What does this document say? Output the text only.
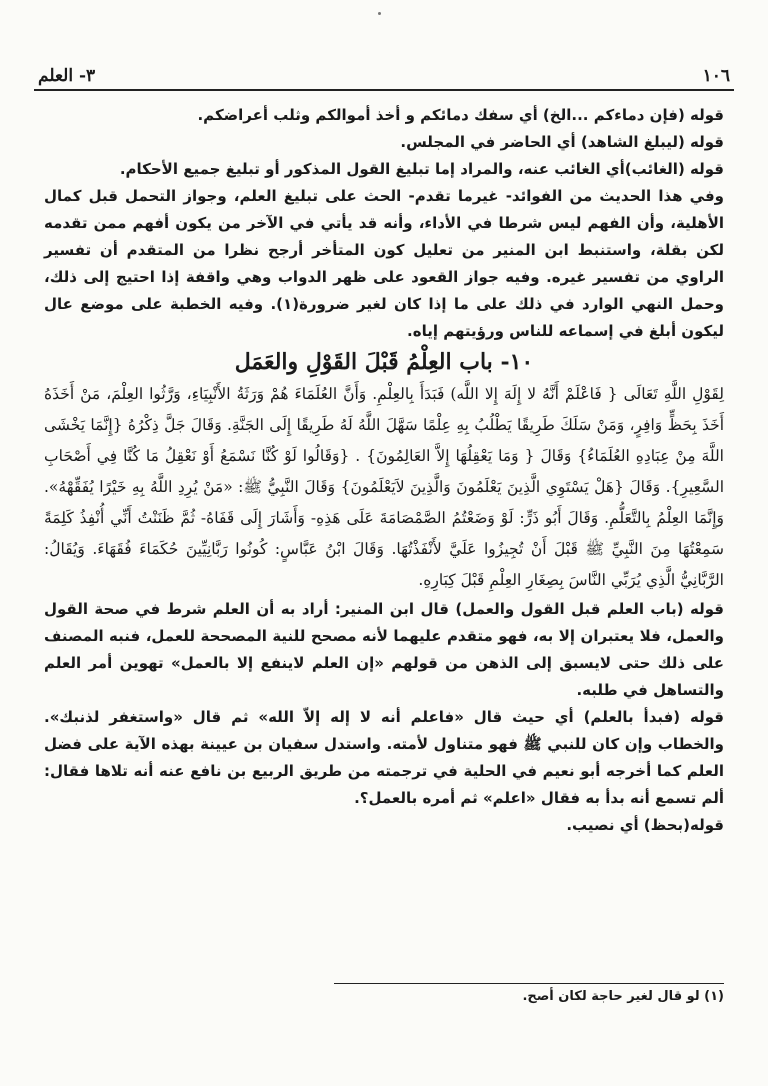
١٠٦
٣- العلم

قوله (فإن دماءكم ...الخ) أي سفك دمائكم و أخذ أموالكم وثلب أعراضكم.

قوله (ليبلغ الشاهد) أي الحاضر في المجلس.

قوله (الغائب)أي الغائب عنه، والمراد إما تبليغ القول المذكور أو تبليغ جميع الأحكام.

وفي هذا الحديث من الفوائد- غيرما تقدم- الحث على تبليغ العلم، وجواز التحمل قبل كمال الأهلية، وأن الفهم ليس شرطا في الأداء، وأنه قد يأتي في الآخر من يكون أفهم ممن تقدمه لكن بقلة، واستنبط ابن المنير من تعليل كون المتأخر أرجح نظرا من المتقدم أن تفسير الراوي من تفسير غيره. وفيه جواز القعود على ظهر الدواب وهي واقفة إذا احتيج إلى ذلك، وحمل النهي الوارد في ذلك على ما إذا كان لغير ضرورة(١). وفيه الخطبة على موضع عال ليكون أبلغ في إسماعه للناس ورؤيتهم إياه.

١٠- باب العِلْمُ قَبْلَ القَوْلِ والعَمَل

لِقَوْلِ اللَّهِ تَعَالَى { فَاعْلَمْ أَنَّهُ لا إِلَهَ إِلا اللَّه) فَبَدَأَ بِالعِلْمِ. وَأَنَّ العُلَمَاءَ هُمْ وَرَثَةُ الأَنْبِيَاءِ، وَرَّثُوا العِلْمَ، مَنْ أَخَذَهُ أَخَذَ بِحَظٍّ وَافِرٍ، وَمَنْ سَلَكَ طَرِيقًا يَطْلُبُ بِهِ عِلْمًا سَهَّلَ اللَّهُ لَهُ طَرِيقًا إِلَى الجَنَّةِ. وَقَالَ جَلَّ ذِكْرُهُ {إِنَّمَا يَخْشَى اللَّهَ مِنْ عِبَادِهِ العُلَمَاءُ} وَقَالَ { وَمَا يَعْقِلُهَا إِلاَّ العَالِمُونَ} . {وَقَالُوا لَوْ كُنَّا نَسْمَعُ أَوْ نَعْقِلُ مَا كُنَّا فِي أَصْحَابِ السَّعِيرِ}. وَقَالَ {هَلْ يَسْتَوِي الَّذِينَ يَعْلَمُونَ وَالَّذِينَ لاَيَعْلَمُونَ} وَقَالَ النَّبِيُّ ﷺ: «مَنْ يُرِدِ اللَّهُ بِهِ خَيْرًا يُفَقِّهْهُ». وَإِنَّمَا العِلْمُ بِالتَّعَلُّمِ. وَقَالَ أَبُو ذَرٍّ: لَوْ وَضَعْتُمُ الصَّمْصَامَةَ عَلَى هَذِهِ- وَأَشَارَ إِلَى قَفَاهُ- ثُمَّ ظَنَنْتُ أَنِّي أُنْفِذُ كَلِمَةً سَمِعْتُهَا مِنَ النَّبِيِّ ﷺ قَبْلَ أَنْ تُجِيزُوا عَلَيَّ لأَنْفَذْتُهَا. وَقَالَ ابْنُ عَبَّاسٍ: كُونُوا رَبَّانِيِّينَ حُكَمَاءَ فُقَهَاءَ. وَيُقَالُ: الرَّبَّانِيُّ الَّذِي يُرَبِّي النَّاسَ بِصِغَارِ العِلْمِ قَبْلَ كِبَارِهِ.

قوله (باب العلم قبل القول والعمل) قال ابن المنير: أراد به أن العلم شرط في صحة القول والعمل، فلا يعتبران إلا به، فهو متقدم عليهما لأنه مصحح للنية المصححة للعمل، فنبه المصنف على ذلك حتى لايسبق إلى الذهن من قولهم «إن العلم لاينفع إلا بالعمل» تهوين أمر العلم والتساهل في طلبه.

قوله (فبدأ بالعلم) أي حيث قال «فاعلم أنه لا إله إلاّ الله» ثم قال «واستغفر لذنبك». والخطاب وإن كان للنبي ﷺ فهو متناول لأمته. واستدل سفيان بن عيينة بهذه الآية على فضل العلم كما أخرجه أبو نعيم في الحلية في ترجمته من طريق الربيع بن نافع عنه أنه تلاها فقال: ألم تسمع أنه بدأ به فقال «اعلم» ثم أمره بالعمل؟.

قوله(بحظ) أي نصيب.

(١) لو قال لغير حاجة لكان أصح.
